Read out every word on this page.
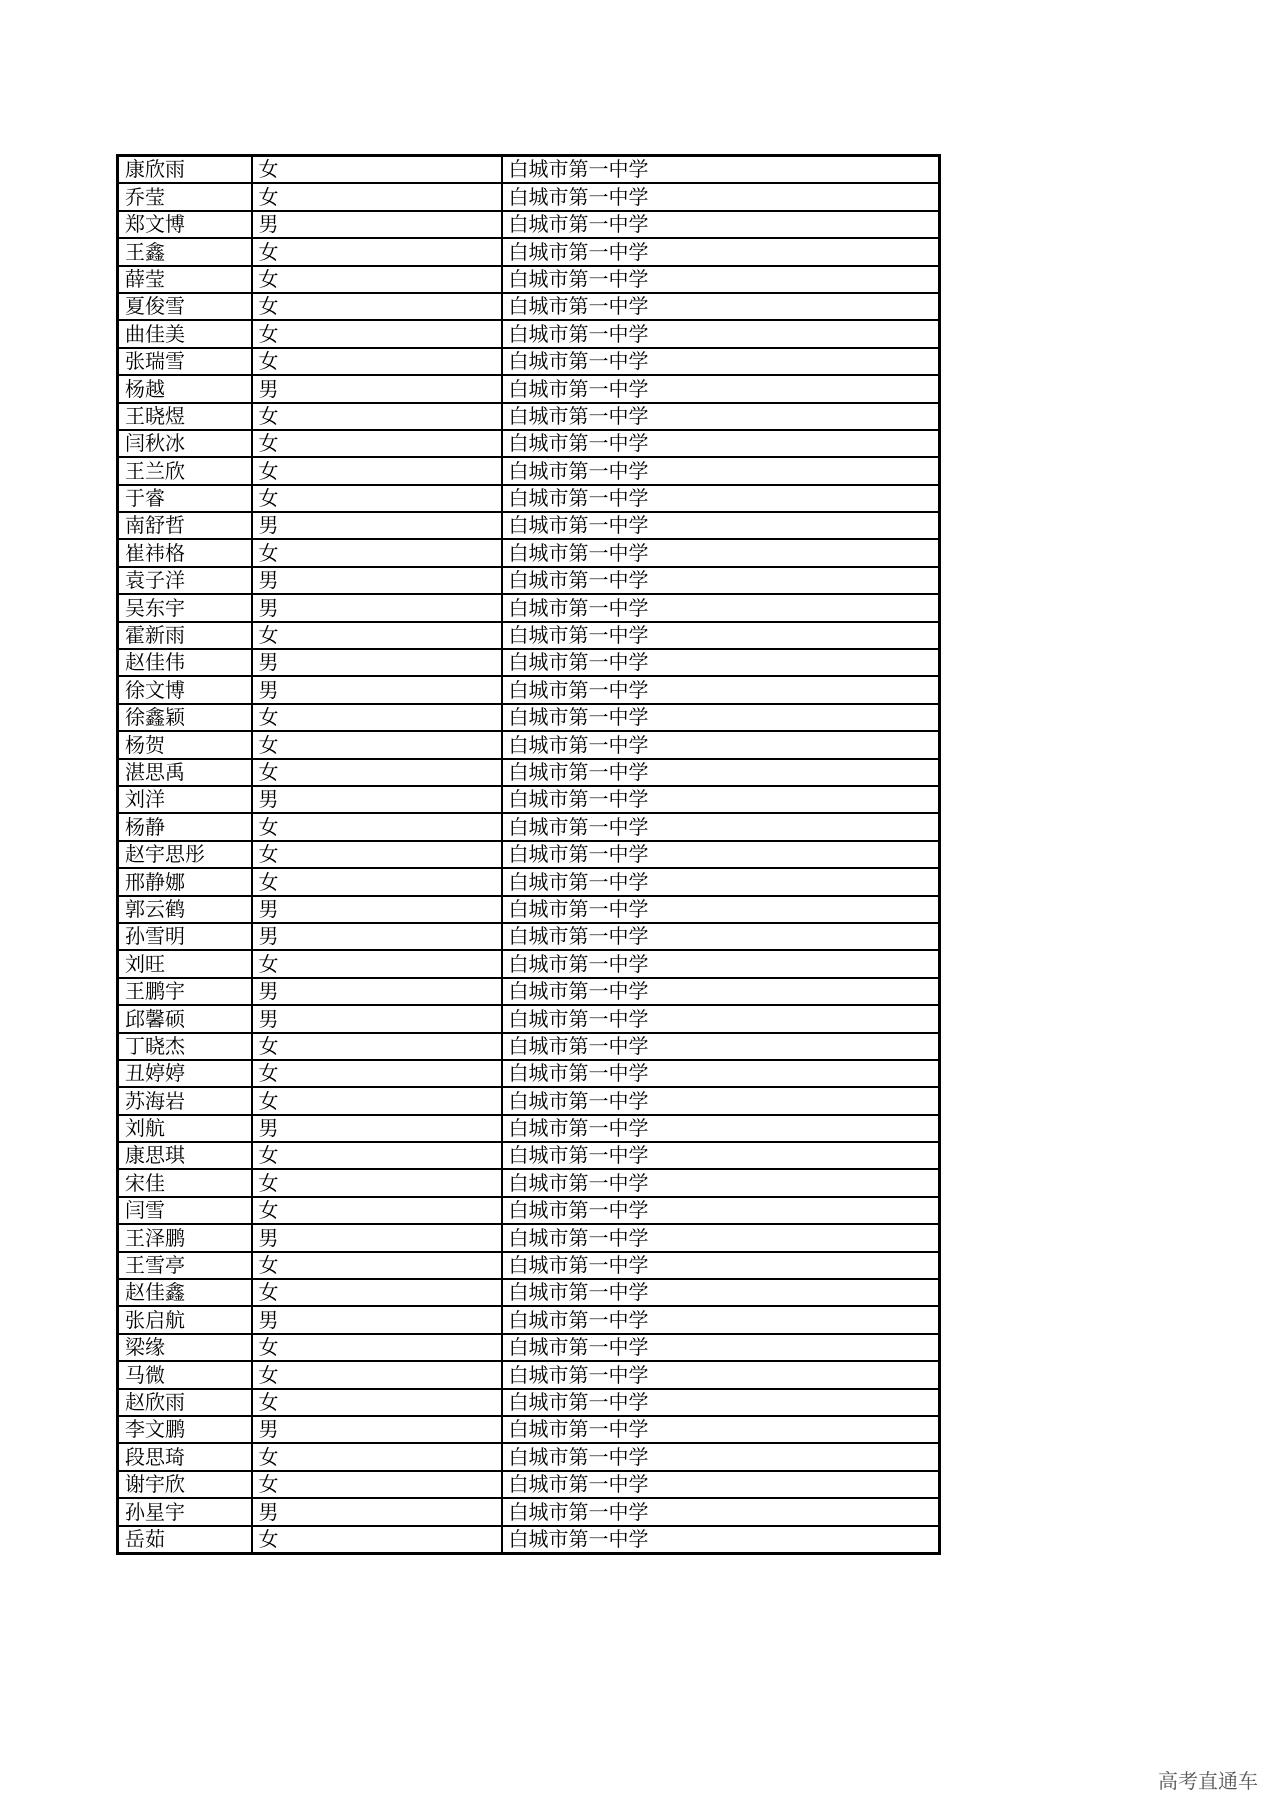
康欣雨	女	白城市第一中学
乔莹	女	白城市第一中学
郑文博	男	白城市第一中学
王鑫	女	白城市第一中学
薛莹	女	白城市第一中学
夏俊雪	女	白城市第一中学
曲佳美	女	白城市第一中学
张瑞雪	女	白城市第一中学
杨越	男	白城市第一中学
王晓煜	女	白城市第一中学
闫秋冰	女	白城市第一中学
王兰欣	女	白城市第一中学
于睿	女	白城市第一中学
南舒哲	男	白城市第一中学
崔祎格	女	白城市第一中学
袁子洋	男	白城市第一中学
吴东宇	男	白城市第一中学
霍新雨	女	白城市第一中学
赵佳伟	男	白城市第一中学
徐文博	男	白城市第一中学
徐鑫颖	女	白城市第一中学
杨贺	女	白城市第一中学
湛思禹	女	白城市第一中学
刘洋	男	白城市第一中学
杨静	女	白城市第一中学
赵宇思彤	女	白城市第一中学
邢静娜	女	白城市第一中学
郭云鹤	男	白城市第一中学
孙雪明	男	白城市第一中学
刘旺	女	白城市第一中学
王鹏宇	男	白城市第一中学
邱馨硕	男	白城市第一中学
丁晓杰	女	白城市第一中学
丑婷婷	女	白城市第一中学
苏海岩	女	白城市第一中学
刘航	男	白城市第一中学
康思琪	女	白城市第一中学
宋佳	女	白城市第一中学
闫雪	女	白城市第一中学
王泽鹏	男	白城市第一中学
王雪亭	女	白城市第一中学
赵佳鑫	女	白城市第一中学
张启航	男	白城市第一中学
梁缘	女	白城市第一中学
马微	女	白城市第一中学
赵欣雨	女	白城市第一中学
李文鹏	男	白城市第一中学
段思琦	女	白城市第一中学
谢宇欣	女	白城市第一中学
孙星宇	男	白城市第一中学
岳茹	女	白城市第一中学
高考直通车
